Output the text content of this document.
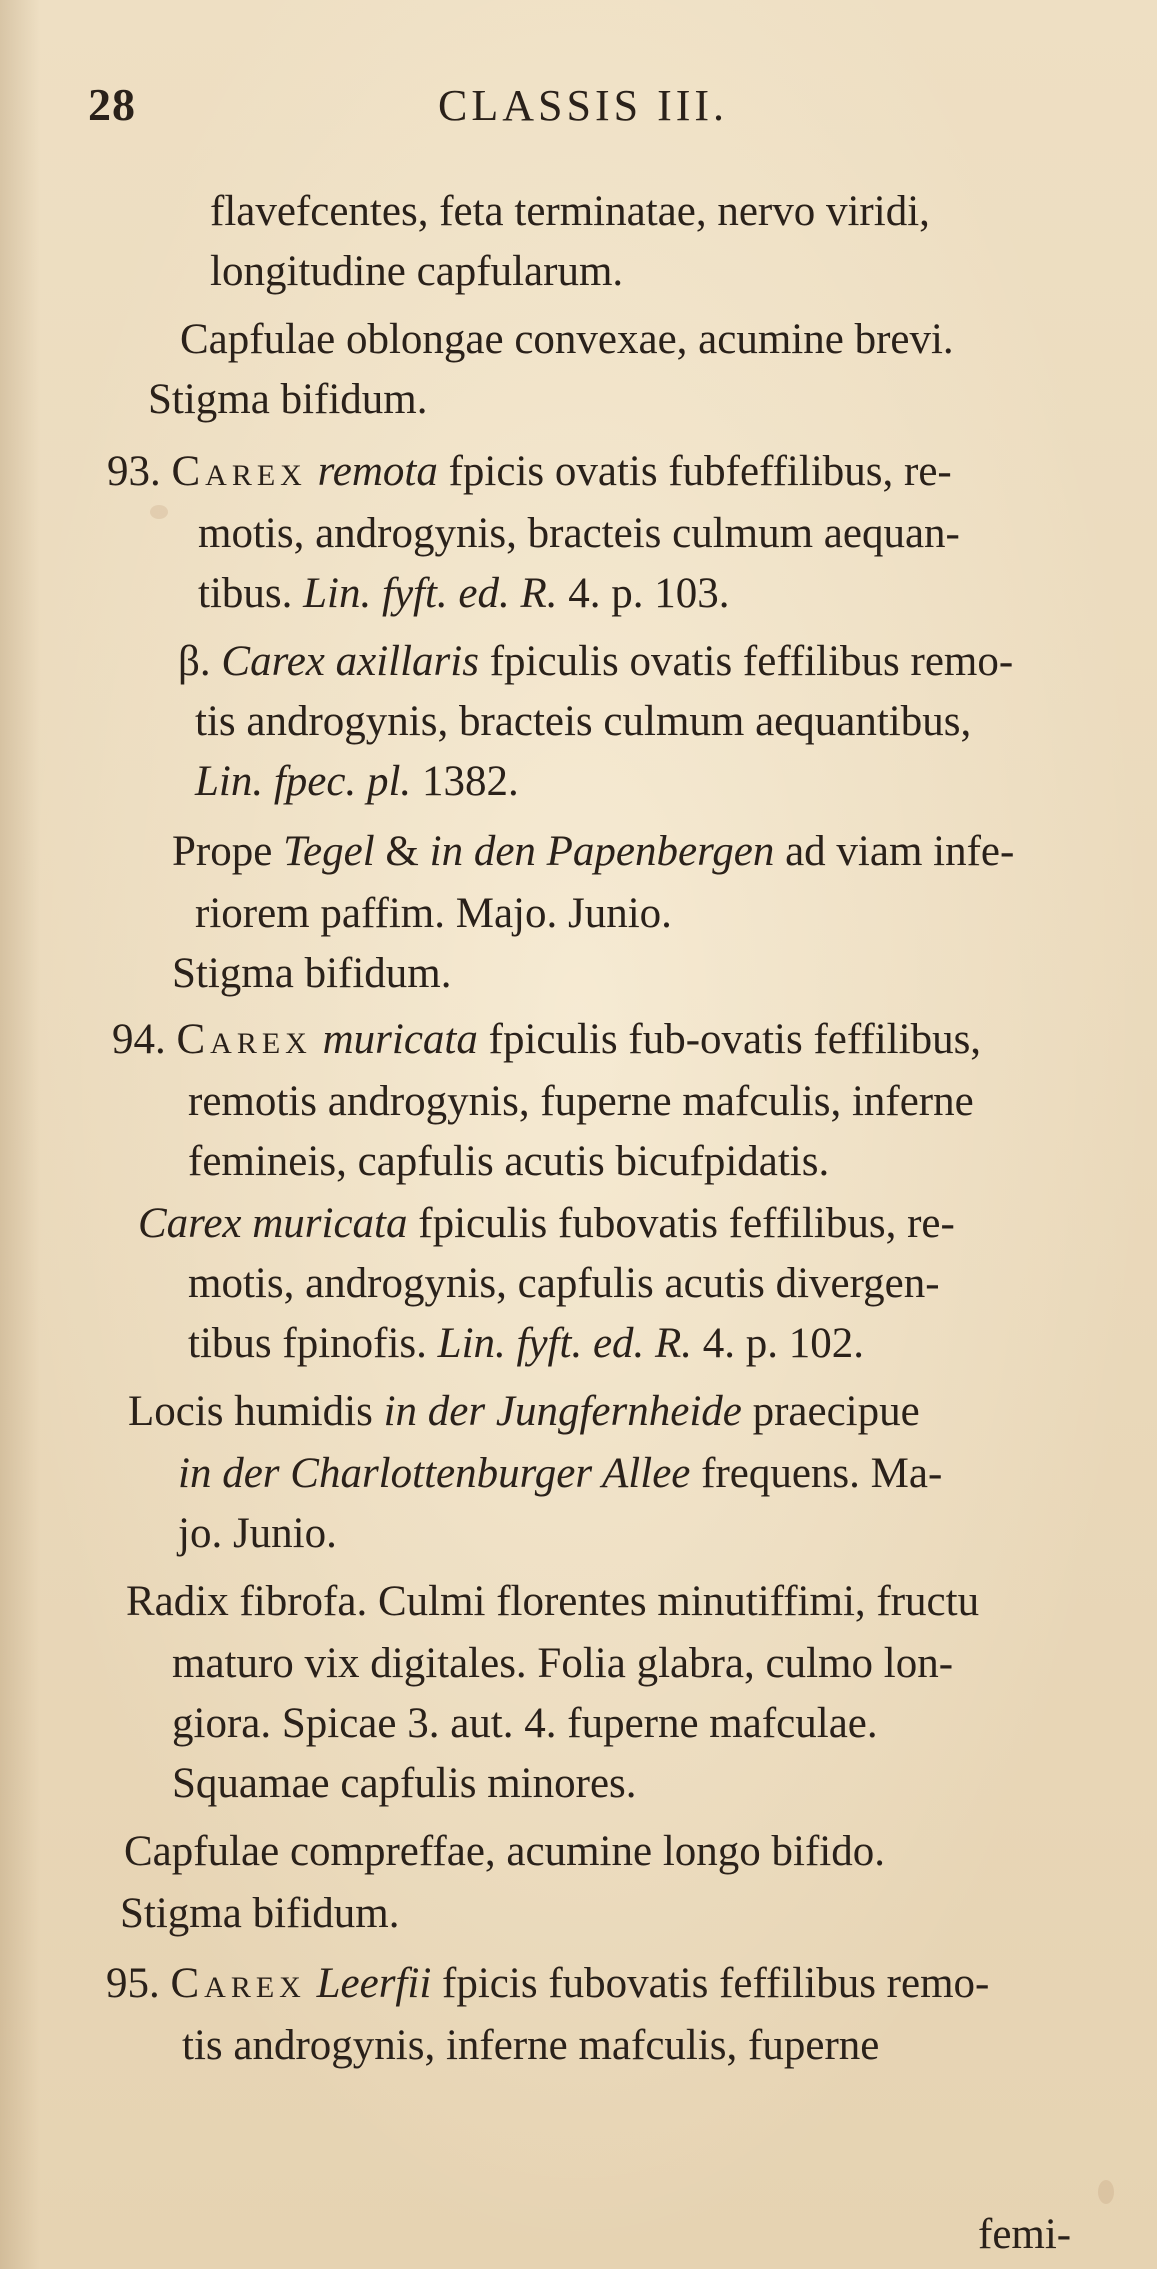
28	CLASSIS III.
flavefcentes, feta terminatae, nervo viridi,
longitudine capfularum.
Capfulae oblongae convexae, acumine brevi.
Stigma bifidum.
93. Carex remota fpicis ovatis fubfeffilibus, re-
motis, androgynis, bracteis culmum aequan-
tibus. Lin. fyft. ed. R. 4. p. 103.
β. Carex axillaris fpiculis ovatis feffilibus remo-
tis androgynis, bracteis culmum aequantibus,
Lin. fpec. pl. 1382.
Prope Tegel & in den Papenbergen ad viam infe-
riorem paffim. Majo. Junio.
Stigma bifidum.
94. Carex muricata fpiculis fub-ovatis feffilibus,
remotis androgynis, fuperne mafculis, inferne
femineis, capfulis acutis bicufpidatis.
Carex muricata fpiculis fubovatis feffilibus, re-
motis, androgynis, capfulis acutis divergen-
tibus fpinofis. Lin. fyft. ed. R. 4. p. 102.
Locis humidis in der Jungfernheide praecipue
in der Charlottenburger Allee frequens. Ma-
jo. Junio.
Radix fibrofa. Culmi florentes minutiffimi, fructu
maturo vix digitales. Folia glabra, culmo lon-
giora. Spicae 3. aut. 4. fuperne mafculae.
Squamae capfulis minores.
Capfulae compreffae, acumine longo bifido.
Stigma bifidum.
95. Carex Leerfii fpicis fubovatis feffilibus remo-
tis androgynis, inferne mafculis, fuperne
femi-
